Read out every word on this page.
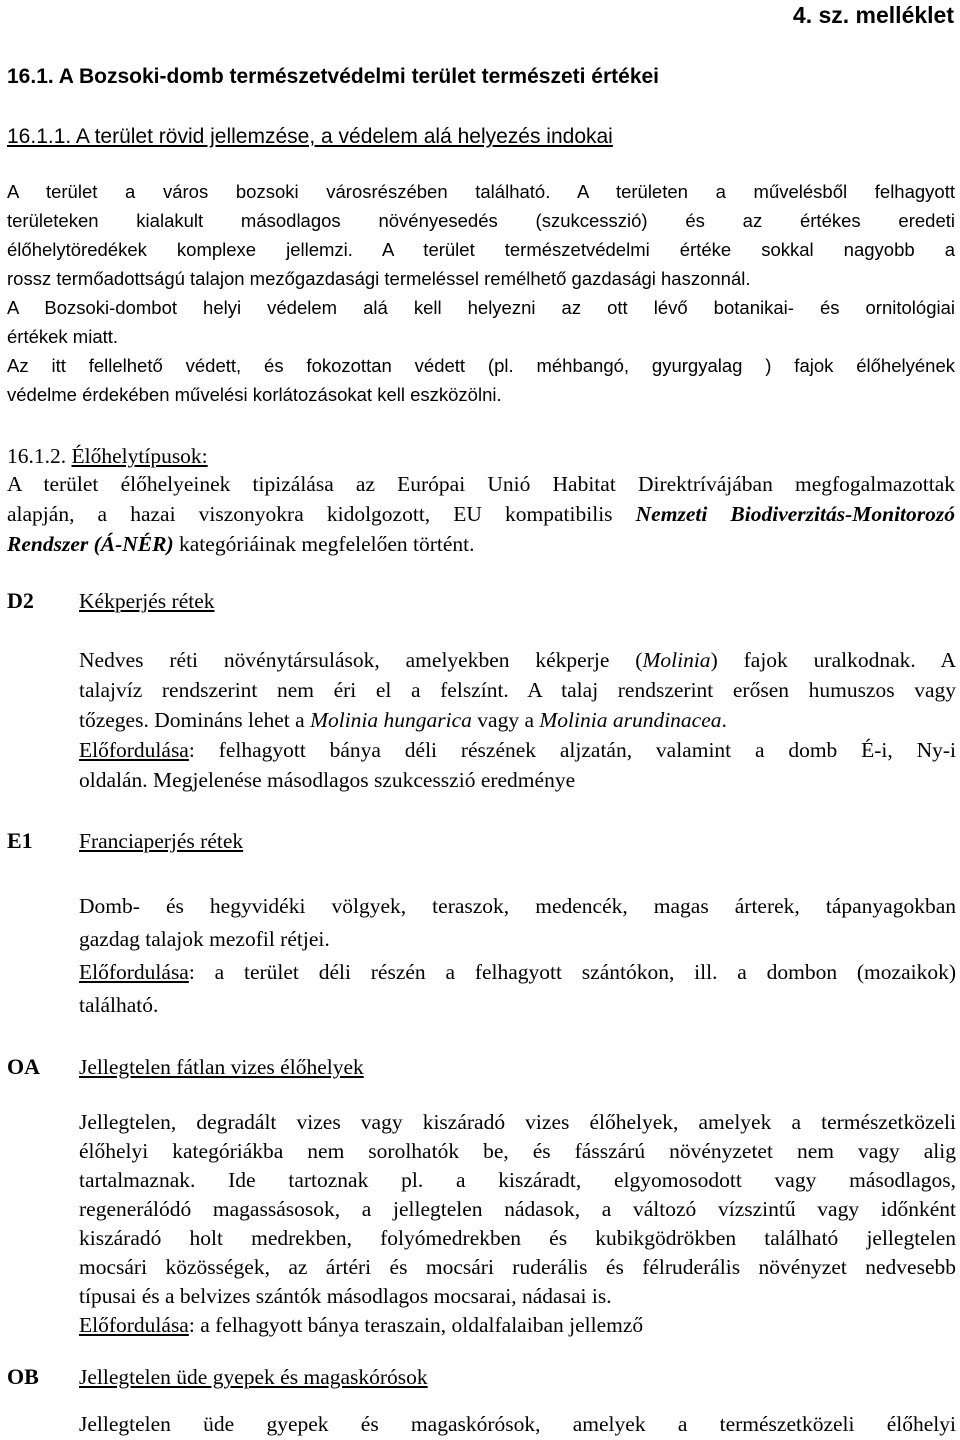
4. sz. melléklet
16.1. A Bozsoki-domb természetvédelmi terület természeti értékei
16.1.1. A terület rövid jellemzése, a védelem alá helyezés indokai
A terület a város bozsoki városrészében található. A területen a művelésből felhagyott
területeken kialakult másodlagos növényesedés (szukcesszió) és az értékes eredeti
élőhelytöredékek komplexe jellemzi. A terület természetvédelmi értéke sokkal nagyobb a
rossz termőadottságú talajon mezőgazdasági termeléssel remélhető gazdasági haszonnál.
A Bozsoki-dombot helyi védelem alá kell helyezni az ott lévő botanikai- és ornitológiai
értékek miatt.
Az itt fellelhető védett, és fokozottan védett (pl. méhbangó, gyurgyalag ) fajok élőhelyének
védelme érdekében művelési korlátozásokat kell eszközölni.
16.1.2. Élőhelytípusok:
A terület élőhelyeinek tipizálása az Európai Unió Habitat Direktrívájában megfogalmazottak
alapján, a hazai viszonyokra kidolgozott, EU kompatibilis Nemzeti Biodiverzitás-Monitorozó
Rendszer (Á-NÉR) kategóriáinak megfelelően történt.
D2 Kékperjés rétek
Nedves réti növénytársulások, amelyekben kékperje (Molinia) fajok uralkodnak. A
talajvíz rendszerint nem éri el a felszínt. A talaj rendszerint erősen humuszos vagy
tőzeges. Domináns lehet a Molinia hungarica vagy a Molinia arundinacea.
Előfordulása: felhagyott bánya déli részének aljzatán, valamint a domb É-i, Ny-i
oldalán. Megjelenése másodlagos szukcesszió eredménye
E1 Franciaperjés rétek
Domb- és hegyvidéki völgyek, teraszok, medencék, magas árterek, tápanyagokban
gazdag talajok mezofil rétjei.
Előfordulása: a terület déli részén a felhagyott szántókon, ill. a dombon (mozaikok)
található.
OA Jellegtelen fátlan vizes élőhelyek
Jellegtelen, degradált vizes vagy kiszáradó vizes élőhelyek, amelyek a természetközeli
élőhelyi kategóriákba nem sorolhatók be, és fásszárú növényzetet nem vagy alig
tartalmaznak. Ide tartoznak pl. a kiszáradt, elgyomosodott vagy másodlagos,
regenerálódó magassásosok, a jellegtelen nádasok, a változó vízszintű vagy időnként
kiszáradó holt medrekben, folyómedrekben és kubikgödrökben található jellegtelen
mocsári közösségek, az ártéri és mocsári ruderális és félruderális növényzet nedvesebb
típusai és a belvizes szántók másodlagos mocsarai, nádasai is.
Előfordulása: a felhagyott bánya teraszain, oldalfalaiban jellemző
OB Jellegtelen üde gyepek és magaskórósok
Jellegtelen üde gyepek és magaskórósok, amelyek a természetközeli élőhelyi
